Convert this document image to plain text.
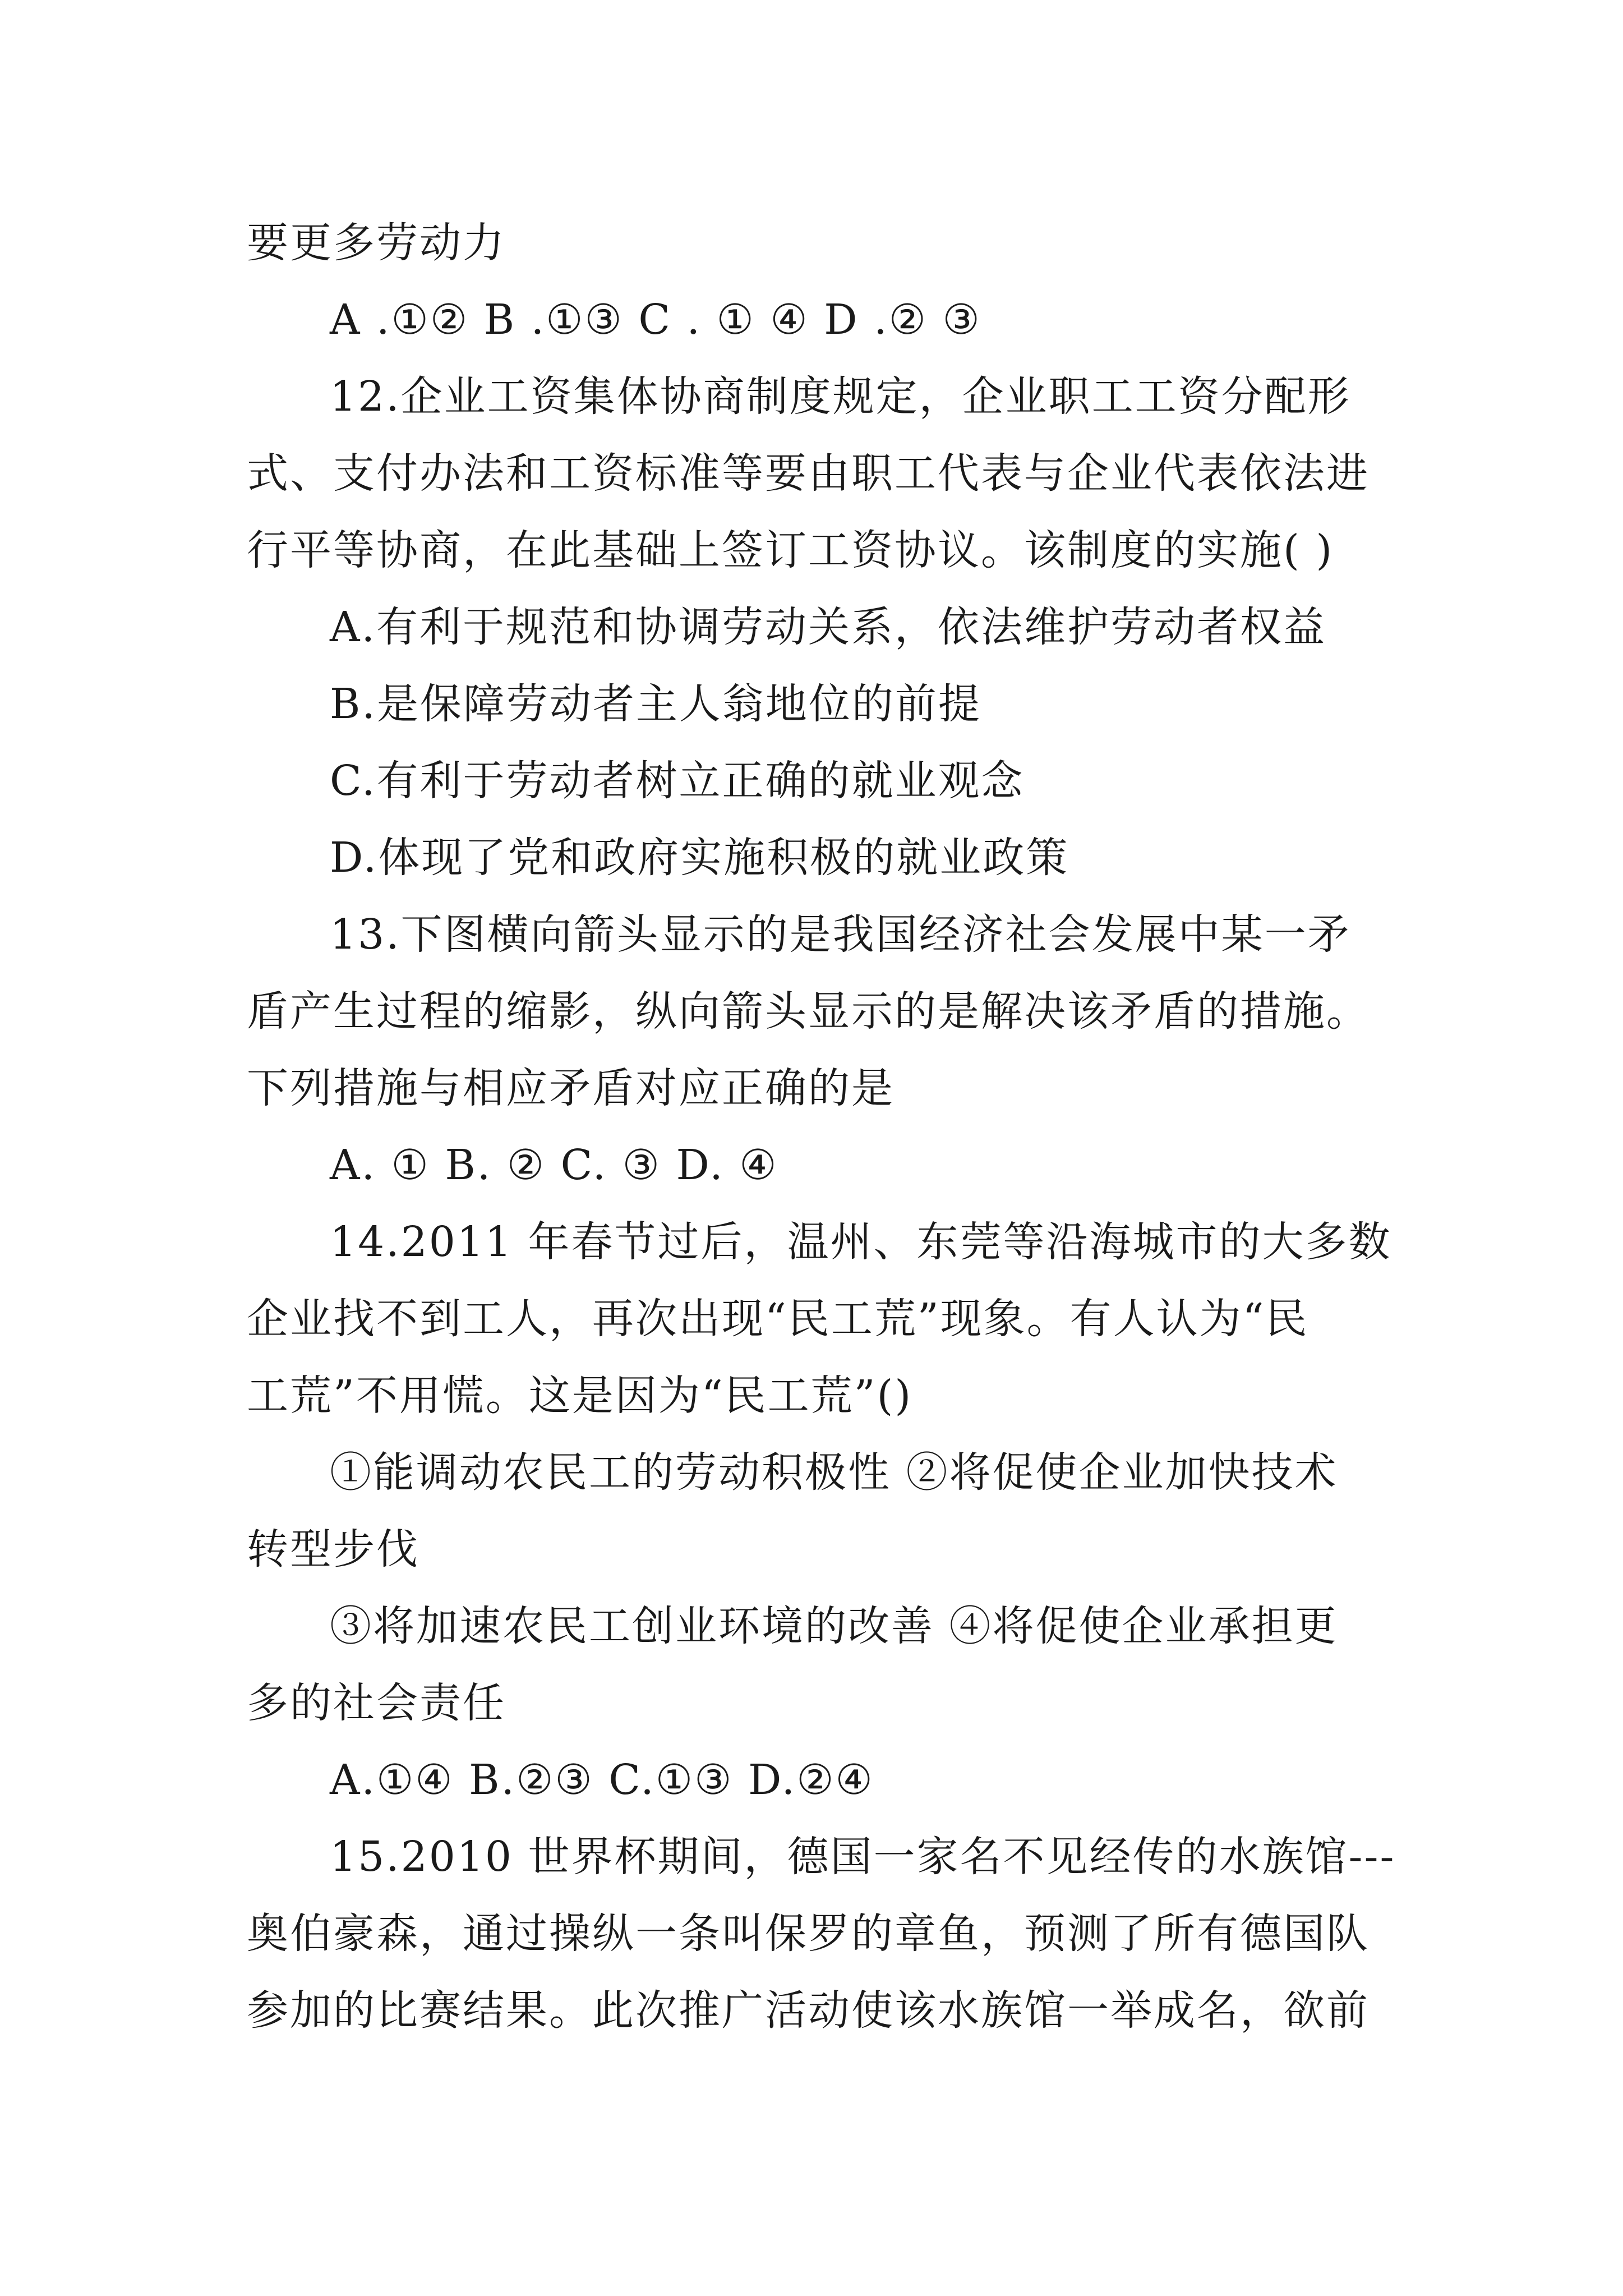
要更多劳动力
A .①② B .①③ C . ① ④ D .② ③
12.企业工资集体协商制度规定，企业职工工资分配形
式、支付办法和工资标准等要由职工代表与企业代表依法进
行平等协商，在此基础上签订工资协议。该制度的实施( )
A.有利于规范和协调劳动关系，依法维护劳动者权益
B.是保障劳动者主人翁地位的前提
C.有利于劳动者树立正确的就业观念
D.体现了党和政府实施积极的就业政策
13.下图横向箭头显示的是我国经济社会发展中某一矛
盾产生过程的缩影，纵向箭头显示的是解决该矛盾的措施。
下列措施与相应矛盾对应正确的是
A. ① B. ② C. ③ D. ④
14.2011 年春节过后，温州、东莞等沿海城市的大多数
企业找不到工人，再次出现“民工荒”现象。有人认为“民
工荒”不用慌。这是因为“民工荒”()
①能调动农民工的劳动积极性 ②将促使企业加快技术
转型步伐
③将加速农民工创业环境的改善 ④将促使企业承担更
多的社会责任
A.①④ B.②③ C.①③ D.②④
15.2010 世界杯期间，德国一家名不见经传的水族馆---
奥伯豪森，通过操纵一条叫保罗的章鱼，预测了所有德国队
参加的比赛结果。此次推广活动使该水族馆一举成名，欲前
